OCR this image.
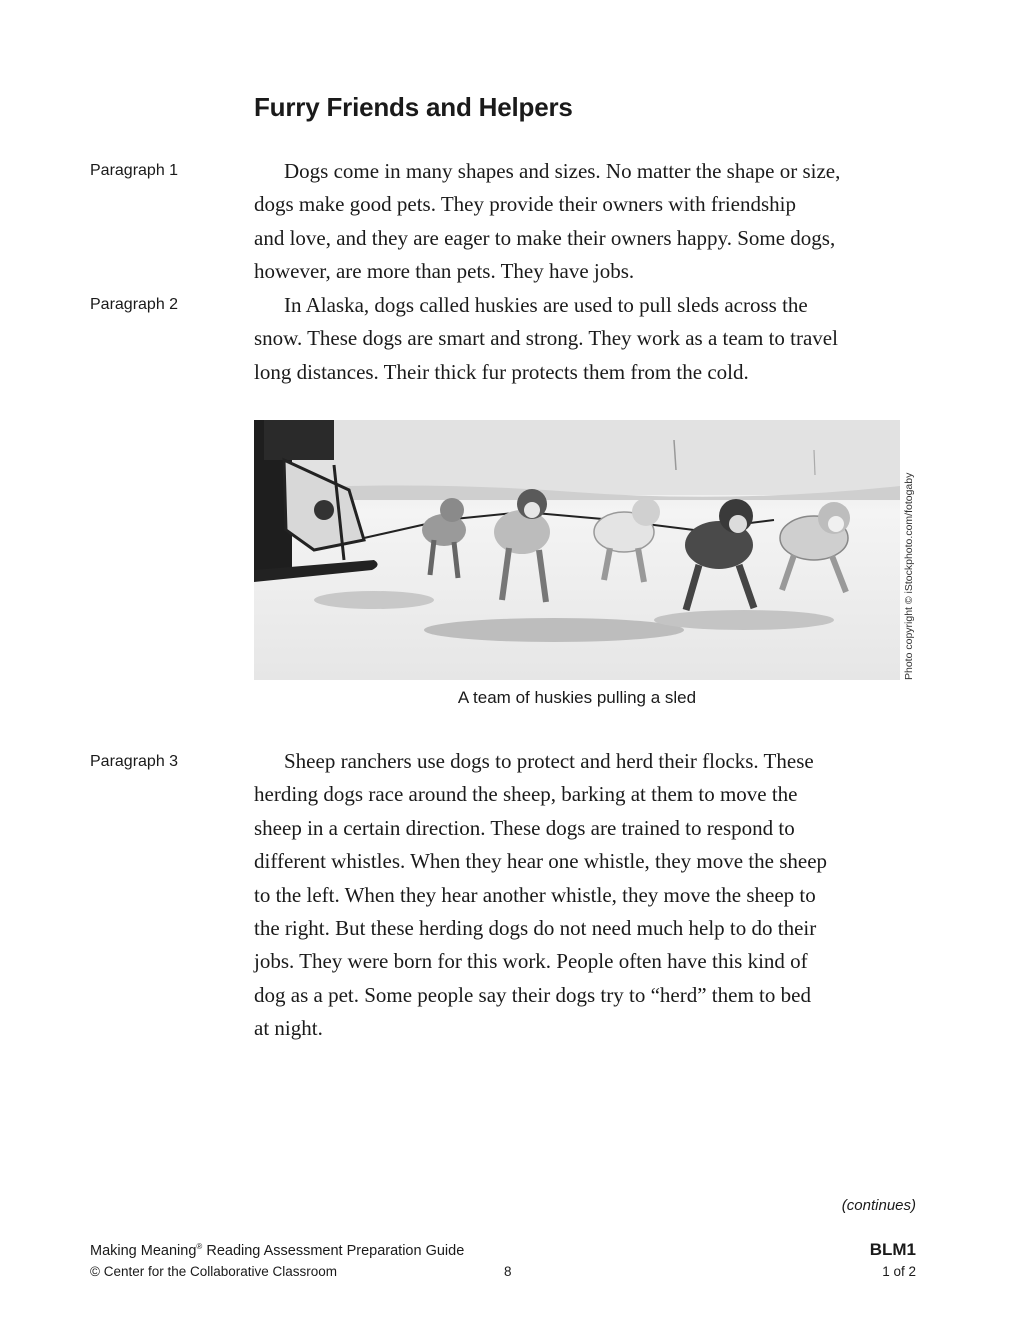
Furry Friends and Helpers
Paragraph 1	Dogs come in many shapes and sizes. No matter the shape or size,
dogs make good pets. They provide their owners with friendship
and love, and they are eager to make their owners happy. Some dogs,
however, are more than pets. They have jobs.
Paragraph 2	In Alaska, dogs called huskies are used to pull sleds across the
snow. These dogs are smart and strong. They work as a team to travel
long distances. Their thick fur protects them from the cold.
Photo copyright © iStockphoto.com/fotogaby
A team of huskies pulling a sled
Paragraph 3	Sheep ranchers use dogs to protect and herd their flocks. These
herding dogs race around the sheep, barking at them to move the
sheep in a certain direction. These dogs are trained to respond to
different whistles. When they hear one whistle, they move the sheep
to the left. When they hear another whistle, they move the sheep to
the right. But these herding dogs do not need much help to do their
jobs. They were born for this work. People often have this kind of
dog as a pet. Some people say their dogs try to “herd” them to bed
at night.
(continues)
Making Meaning® Reading Assessment Preparation Guide
© Center for the Collaborative Classroom	8
BLM1
1 of 2
